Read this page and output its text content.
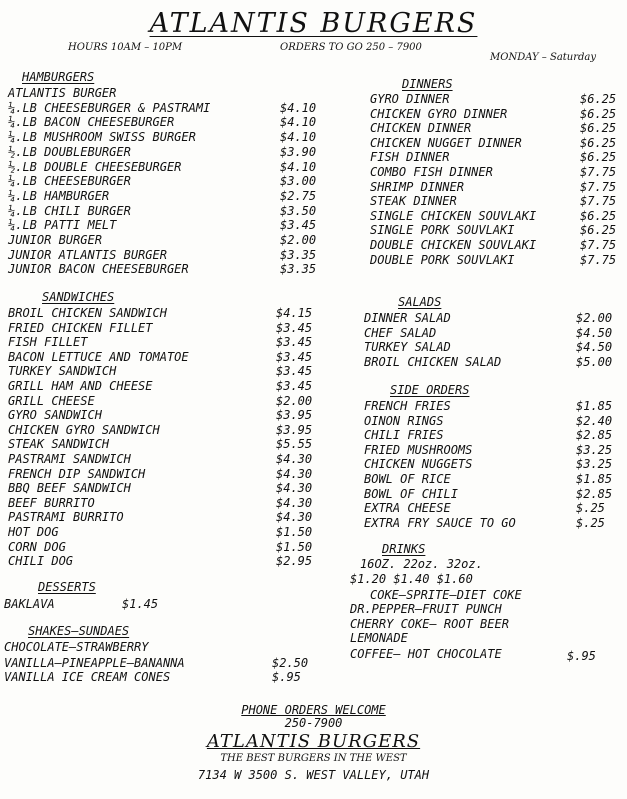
ATLANTIS BURGERS
HOURS 10AM – 10PM	ORDERS TO GO 250 – 7900
MONDAY – Saturday
HAMBURGERS
ATLANTIS BURGER
¼.LB CHEESEBURGER & PASTRAMI	$4.10
¼.LB BACON CHEESEBURGER	$4.10
¼.LB MUSHROOM SWISS BURGER	$4.10
½.LB DOUBLEBURGER	$3.90
½.LB DOUBLE CHEESEBURGER	$4.10
¼.LB CHEESEBURGER	$3.00
¼.LB HAMBURGER	$2.75
¼.LB CHILI BURGER	$3.50
¼.LB PATTI MELT	$3.45
JUNIOR BURGER	$2.00
JUNIOR ATLANTIS BURGER	$3.35
JUNIOR BACON CHEESEBURGER	$3.35
SANDWICHES
BROIL CHICKEN SANDWICH	$4.15
FRIED CHICKEN FILLET	$3.45
FISH FILLET	$3.45
BACON LETTUCE AND TOMATOE	$3.45
TURKEY SANDWICH	$3.45
GRILL HAM AND CHEESE	$3.45
GRILL CHEESE	$2.00
GYRO SANDWICH	$3.95
CHICKEN GYRO SANDWICH	$3.95
STEAK SANDWICH	$5.55
PASTRAMI SANDWICH	$4.30
FRENCH DIP SANDWICH	$4.30
BBQ BEEF SANDWICH	$4.30
BEEF BURRITO	$4.30
PASTRAMI BURRITO	$4.30
HOT DOG	$1.50
CORN DOG	$1.50
CHILI DOG	$2.95
DESSERTS
BAKLAVA	$1.45
SHAKES–SUNDAES
CHOCOLATE–STRAWBERRY
VANILLA–PINEAPPLE–BANANNA	$2.50
VANILLA ICE CREAM CONES	$.95
DINNERS
GYRO DINNER	$6.25
CHICKEN GYRO DINNER	$6.25
CHICKEN DINNER	$6.25
CHICKEN NUGGET DINNER	$6.25
FISH DINNER	$6.25
COMBO FISH DINNER	$7.75
SHRIMP DINNER	$7.75
STEAK DINNER	$7.75
SINGLE CHICKEN SOUVLAKI	$6.25
SINGLE PORK SOUVLAKI	$6.25
DOUBLE CHICKEN SOUVLAKI	$7.75
DOUBLE PORK SOUVLAKI	$7.75
SALADS
DINNER SALAD	$2.00
CHEF SALAD	$4.50
TURKEY SALAD	$4.50
BROIL CHICKEN SALAD	$5.00
SIDE ORDERS
FRENCH FRIES	$1.85
OINON RINGS	$2.40
CHILI FRIES	$2.85
FRIED MUSHROOMS	$3.25
CHICKEN NUGGETS	$3.25
BOWL OF RICE	$1.85
BOWL OF CHILI	$2.85
EXTRA CHEESE	$.25
EXTRA FRY SAUCE TO GO	$.25
DRINKS
16OZ. 22oz. 32oz.
$1.20 $1.40 $1.60
COKE–SPRITE–DIET COKE
DR.PEPPER–FRUIT PUNCH
CHERRY COKE– ROOT BEER
LEMONADE
COFFEE– HOT CHOCOLATE	$.95
PHONE ORDERS WELCOME
250-7900
ATLANTIS BURGERS
THE BEST BURGERS IN THE WEST
7134 W 3500 S. WEST VALLEY, UTAH
